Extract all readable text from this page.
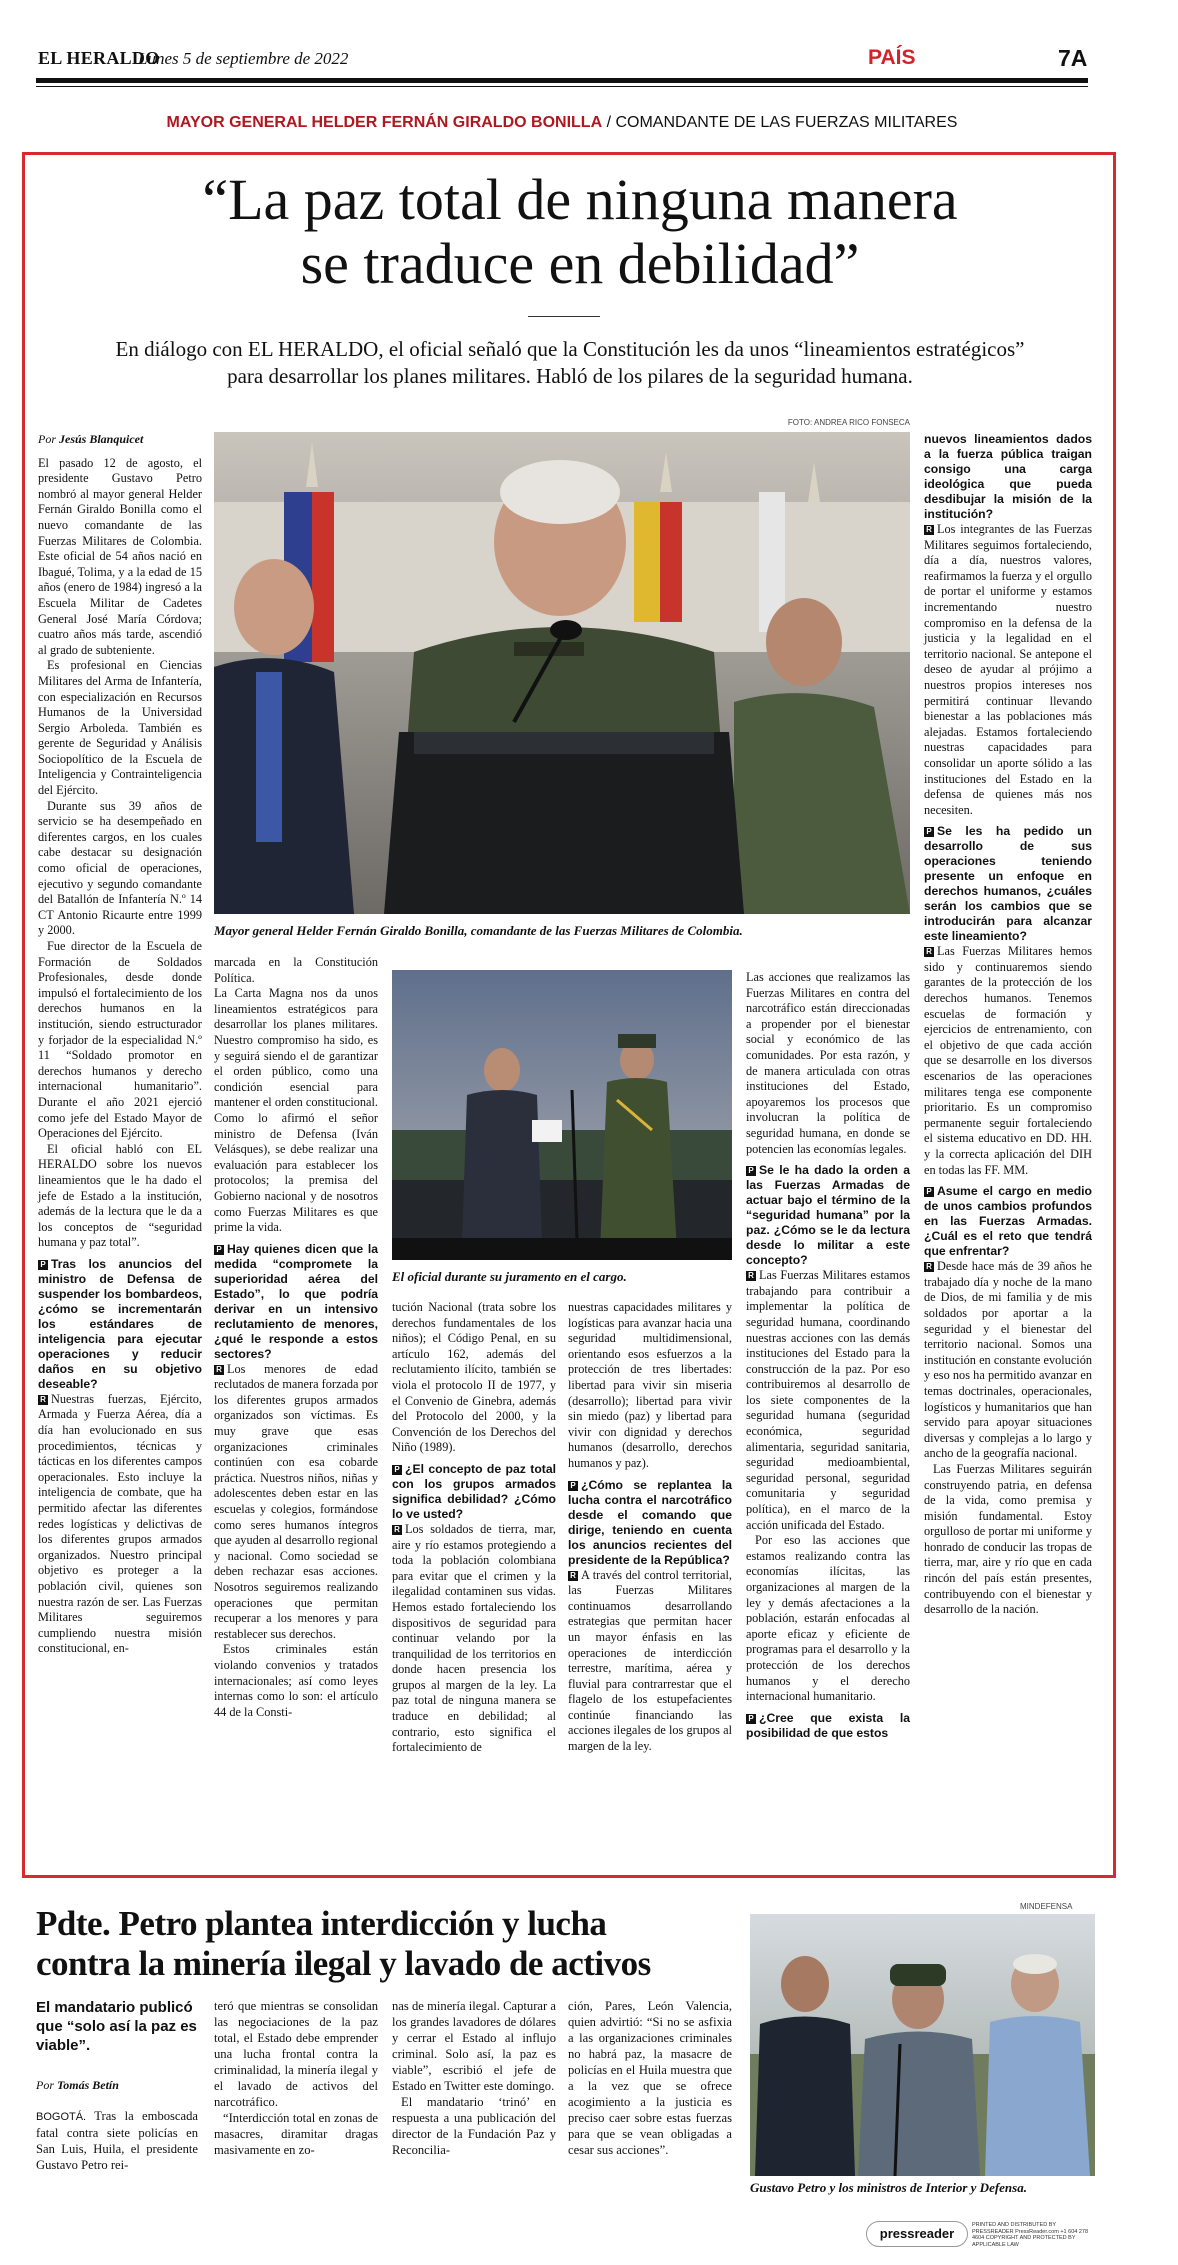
EL HERALDO
Lunes 5 de septiembre de 2022	PAÍS	7A
MAYOR GENERAL HELDER FERNÁN GIRALDO BONILLA / COMANDANTE DE LAS FUERZAS MILITARES
“La paz total de ninguna manera
se traduce en debilidad”
En diálogo con EL HERALDO, el oficial señaló que la Constitución les da unos “lineamientos estratégicos” para desarrollar los planes militares. Habló de los pilares de la seguridad humana.
FOTO: ANDREA RICO FONSECA
Mayor general Helder Fernán Giraldo Bonilla, comandante de las Fuerzas Militares de Colombia.
Por Jesús Blanquicet

El pasado 12 de agosto, el presidente Gustavo Petro nombró al mayor general Helder Fernán Giraldo Bonilla como el nuevo comandante de las Fuerzas Militares de Colombia. Este oficial de 54 años nació en Ibagué, Tolima, y a la edad de 15 años (enero de 1984) ingresó a la Escuela Militar de Cadetes General José María Córdova; cuatro años más tarde, ascendió al grado de subteniente.

Es profesional en Ciencias Militares del Arma de Infantería, con especialización en Recursos Humanos de la Universidad Sergio Arboleda. También es gerente de Seguridad y Análisis Sociopolítico de la Escuela de Inteligencia y Contrainteligencia del Ejército.

Durante sus 39 años de servicio se ha desempeñado en diferentes cargos, en los cuales cabe destacar su designación como oficial de operaciones, ejecutivo y segundo comandante del Batallón de Infantería N.º 14 CT Antonio Ricaurte entre 1999 y 2000.

Fue director de la Escuela de Formación de Soldados Profesionales, desde donde impulsó el fortalecimiento de los derechos humanos en la institución, siendo estructurador y forjador de la especialidad N.º 11 “Soldado promotor en derechos humanos y derecho internacional humanitario”. Durante el año 2021 ejerció como jefe del Estado Mayor de Operaciones del Ejército.

El oficial habló con EL HERALDO sobre los nuevos lineamientos que le ha dado el jefe de Estado a la institución, además de la lectura que le da a los conceptos de “seguridad humana y paz total”.

P Tras los anuncios del ministro de Defensa de suspender los bombardeos, ¿cómo se incrementarán los estándares de inteligencia para ejecutar operaciones y reducir daños en su objetivo deseable?

R Nuestras fuerzas, Ejército, Armada y Fuerza Aérea, día a día han evolucionado en sus procedimientos, técnicas y tácticas en los diferentes campos operacionales. Esto incluye la inteligencia de combate, que ha permitido afectar las diferentes redes logísticas y delictivas de los diferentes grupos armados organizados. Nuestro principal objetivo es proteger a la población civil, quienes son nuestra razón de ser. Las Fuerzas Militares seguiremos cumpliendo nuestra misión constitucional, en-

marcada en la Constitución Política.

La Carta Magna nos da unos lineamientos estratégicos para desarrollar los planes militares. Nuestro compromiso ha sido, es y seguirá siendo el de garantizar el orden público, como una condición esencial para mantener el orden constitucional. Como lo afirmó el señor ministro de Defensa (Iván Velásques), se debe realizar una evaluación para establecer los protocolos; la premisa del Gobierno nacional y de nosotros como Fuerzas Militares es que prime la vida.

P Hay quienes dicen que la medida “compromete la superioridad aérea del Estado”, lo que podría derivar en un intensivo reclutamiento de menores, ¿qué le responde a estos sectores?

R Los menores de edad reclutados de manera forzada por los diferentes grupos armados organizados son víctimas. Es muy grave que esas organizaciones criminales continúen con esa cobarde práctica. Nuestros niños, niñas y adolescentes deben estar en las escuelas y colegios, formándose como seres humanos íntegros que ayuden al desarrollo regional y nacional. Como sociedad se deben rechazar esas acciones. Nosotros seguiremos realizando operaciones que permitan recuperar a los menores y para restablecer sus derechos.

Estos criminales están violando convenios y tratados internacionales; así como leyes internas como lo son: el artículo 44 de la Consti-

El oficial durante su juramento en el cargo.

tución Nacional (trata sobre los derechos fundamentales de los niños); el Código Penal, en su artículo 162, además del reclutamiento ilícito, también se viola el protocolo II de 1977, y el Convenio de Ginebra, además del Protocolo del 2000, y la Convención de los Derechos del Niño (1989).

P ¿El concepto de paz total con los grupos armados significa debilidad? ¿Cómo lo ve usted?

R Los soldados de tierra, mar, aire y río estamos protegiendo a toda la población colombiana para evitar que el crimen y la ilegalidad contaminen sus vidas. Hemos estado fortaleciendo los dispositivos de seguridad para continuar velando por la tranquilidad de los territorios en donde hacen presencia los grupos al margen de la ley. La paz total de ninguna manera se traduce en debilidad; al contrario, esto significa el fortalecimiento de

nuestras capacidades militares y logísticas para avanzar hacia una seguridad multidimensional, orientando esos esfuerzos a la protección de tres libertades: libertad para vivir sin miseria (desarrollo); libertad para vivir sin miedo (paz) y libertad para vivir con dignidad y derechos humanos (desarrollo, derechos humanos y paz).

P ¿Cómo se replantea la lucha contra el narcotráfico desde el comando que dirige, teniendo en cuenta los anuncios recientes del presidente de la República?

R A través del control territorial, las Fuerzas Militares continuamos desarrollando estrategias que permitan hacer un mayor énfasis en las operaciones de interdicción terrestre, marítima, aérea y fluvial para contrarrestar que el flagelo de los estupefacientes continúe financiando las acciones ilegales de los grupos al margen de la ley.

Las acciones que realizamos las Fuerzas Militares en contra del narcotráfico están direccionadas a propender por el bienestar social y económico de las comunidades. Por esta razón, y de manera articulada con otras instituciones del Estado, apoyaremos los procesos que involucran la política de seguridad humana, en donde se potencien las economías legales.

P Se le ha dado la orden a las Fuerzas Armadas de actuar bajo el término de la “seguridad humana” por la paz. ¿Cómo se le da lectura desde lo militar a este concepto?

R Las Fuerzas Militares estamos trabajando para contribuir a implementar la política de seguridad humana, coordinando nuestras acciones con las demás instituciones del Estado para la construcción de la paz. Por eso contribuiremos al desarrollo de los siete componentes de la seguridad humana (seguridad económica, seguridad alimentaria, seguridad sanitaria, seguridad medioambiental, seguridad personal, seguridad comunitaria y seguridad política), en el marco de la acción unificada del Estado.

Por eso las acciones que estamos realizando contra las economías ilícitas, las organizaciones al margen de la ley y demás afectaciones a la población, estarán enfocadas al aporte eficaz y eficiente de programas para el desarrollo y la protección de los derechos humanos y el derecho internacional humanitario.

P ¿Cree que exista la posibilidad de que estos

nuevos lineamientos dados a la fuerza pública traigan consigo una carga ideológica que pueda desdibujar la misión de la institución?

R Los integrantes de las Fuerzas Militares seguimos fortaleciendo, día a día, nuestros valores, reafirmamos la fuerza y el orgullo de portar el uniforme y estamos incrementando nuestro compromiso en la defensa de la justicia y la legalidad en el territorio nacional. Se antepone el deseo de ayudar al prójimo a nuestros propios intereses nos permitirá continuar llevando bienestar a las poblaciones más alejadas. Estamos fortaleciendo nuestras capacidades para consolidar un aporte sólido a las instituciones del Estado en la defensa de quienes más nos necesiten.

P Se les ha pedido un desarrollo de sus operaciones teniendo presente un enfoque en derechos humanos, ¿cuáles serán los cambios que se introducirán para alcanzar este lineamiento?

R Las Fuerzas Militares hemos sido y continuaremos siendo garantes de la protección de los derechos humanos. Tenemos escuelas de formación y ejercicios de entrenamiento, con el objetivo de que cada acción que se desarrolle en los diversos escenarios de las operaciones militares tenga ese componente prioritario. Es un compromiso permanente seguir fortaleciendo el sistema educativo en DD. HH. y la correcta aplicación del DIH en todas las FF. MM.

P Asume el cargo en medio de unos cambios profundos en las Fuerzas Armadas. ¿Cuál es el reto que tendrá que enfrentar?

R Desde hace más de 39 años he trabajado día y noche de la mano de Dios, de mi familia y de mis soldados por aportar a la seguridad y el bienestar del territorio nacional. Somos una institución en constante evolución y eso nos ha permitido avanzar en temas doctrinales, operacionales, logísticos y humanitarios que han servido para apoyar situaciones diversas y complejas a lo largo y ancho de la geografía nacional.

Las Fuerzas Militares seguirán construyendo patria, en defensa de la vida, como premisa y misión fundamental. Estoy orgulloso de portar mi uniforme y honrado de conducir las tropas de tierra, mar, aire y río que en cada rincón del país están presentes, contribuyendo con el bienestar y desarrollo de la nación.

Pdte. Petro plantea interdicción y lucha
contra la minería ilegal y lavado de activos
El mandatario publicó que “solo así la paz es viable”.
Por Tomás Betín

BOGOTÁ. Tras la emboscada fatal contra siete policías en San Luis, Huila, el presidente Gustavo Petro rei-

teró que mientras se consolidan las negociaciones de la paz total, el Estado debe emprender una lucha frontal contra la criminalidad, la minería ilegal y el lavado de activos del narcotráfico.

“Interdicción total en zonas de masacres, diramitar dragas masivamente en zo-

nas de minería ilegal. Capturar a los grandes lavadores de dólares y cerrar el Estado al influjo criminal. Solo así, la paz es viable”, escribió el jefe de Estado en Twitter este domingo.

El mandatario ‘trinó’ en respuesta a una publicación del director de la Fundación Paz y Reconcilia-

ción, Pares, León Valencia, quien advirtió: “Si no se asfixia a las organizaciones criminales no habrá paz, la masacre de policías en el Huila muestra que a la vez que se ofrece acogimiento a la justicia es preciso caer sobre estas fuerzas para que se vean obligadas a cesar sus acciones”.

MINDEFENSA
Gustavo Petro y los ministros de Interior y Defensa.
pressreader
PRINTED AND DISTRIBUTED BY PRESSREADER PressReader.com +1 604 278 4604 COPYRIGHT AND PROTECTED BY APPLICABLE LAW
